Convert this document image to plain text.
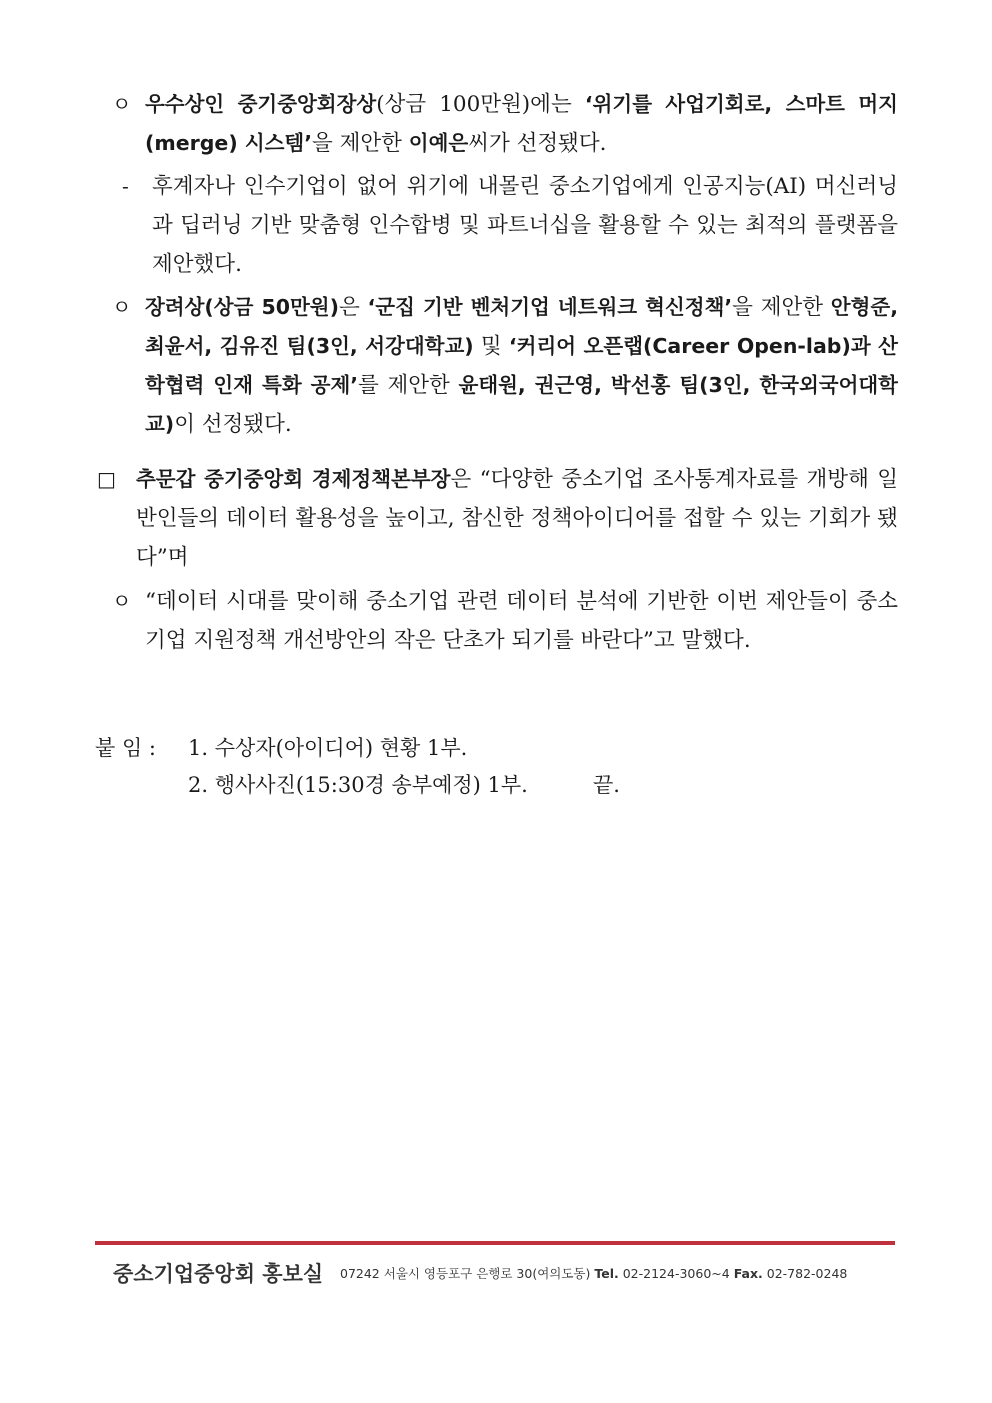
ㅇ 우수상인 중기중앙회장상(상금 100만원)에는 ‘위기를 사업기회로, 스마트 머지(merge) 시스템’을 제안한 이예은씨가 선정됐다.
- 후계자나 인수기업이 없어 위기에 내몰린 중소기업에게 인공지능(AI) 머신러닝과 딥러닝 기반 맞춤형 인수합병 및 파트너십을 활용할 수 있는 최적의 플랫폼을 제안했다.
ㅇ 장려상(상금 50만원)은 ‘군집 기반 벤처기업 네트워크 혁신정책’을 제안한 안형준, 최윤서, 김유진 팀(3인, 서강대학교) 및 ‘커리어 오픈랩(Career Open-lab)과 산학협력 인재 특화 공제’를 제안한 윤태원, 권근영, 박선홍 팀(3인, 한국외국어대학교)이 선정됐다.
□ 추문갑 중기중앙회 경제정책본부장은 “다양한 중소기업 조사통계자료를 개방해 일반인들의 데이터 활용성을 높이고, 참신한 정책아이디어를 접할 수 있는 기회가 됐다”며
ㅇ “데이터 시대를 맞이해 중소기업 관련 데이터 분석에 기반한 이번 제안들이 중소기업 지원정책 개선방안의 작은 단초가 되기를 바란다”고 말했다.
붙 임 : 1. 수상자(아이디어) 현황 1부.
2. 행사사진(15:30경 송부예정) 1부.	끝.
중소기업중앙회 홍보실 07242 서울시 영등포구 은행로 30(여의도동) Tel. 02-2124-3060~4 Fax. 02-782-0248
